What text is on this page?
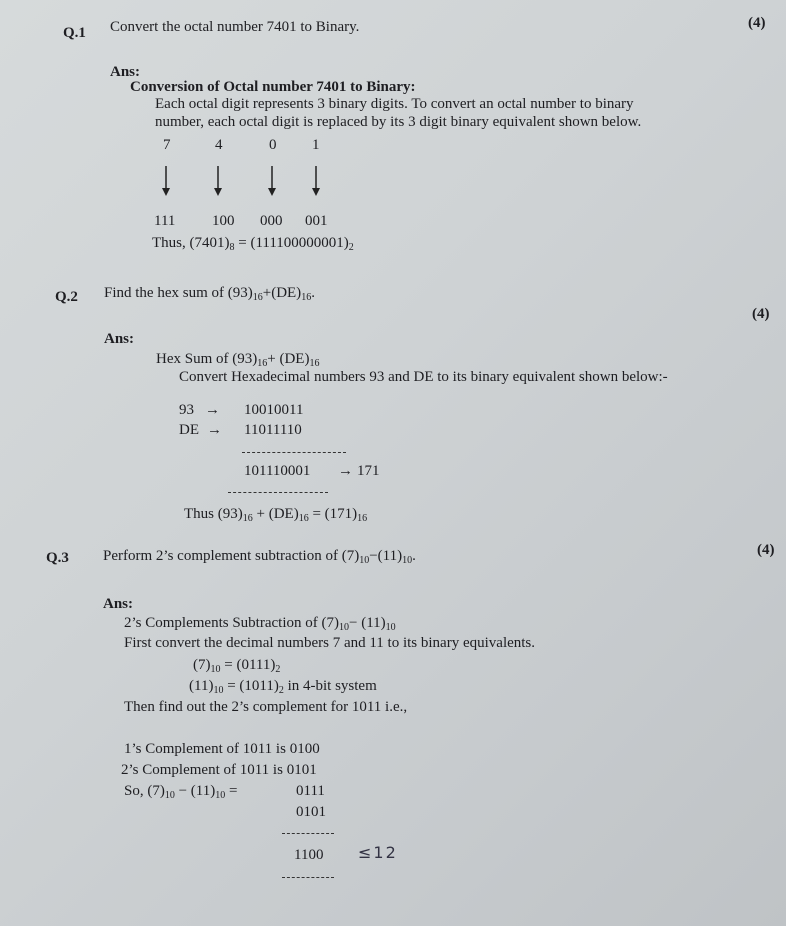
Q.1 Convert the octal number 7401 to Binary.	(4)
Ans:
Conversion of Octal number 7401 to Binary:
Each octal digit represents 3 binary digits. To convert an octal number to binary
number, each octal digit is replaced by its 3 digit binary equivalent shown below.
7	4	0 1
111 100 000 001
Thus, $(7401)_8 = (111100000001)_2$
Q.2 Find the hex sum of $(93)_{16}+(DE)_{16}$.
(4)
Ans:
Hex Sum of $(93)_{16}+ (DE)_{16}$
Convert Hexadecimal numbers 93 and DE to its binary equivalent shown below:-
93 → 10010011
DE → 11011110
101110001 → 171
Thus $(93)_{16} + (DE)_{16} = (171)_{16}$
Q.3 Perform 2’s complement subtraction of $(7)_{10}-(11)_{10}$.	(4)
Ans:
2’s Complements Subtraction of $(7)_{10}- (11)_{10}$
First convert the decimal numbers 7 and 11 to its binary equivalents.
$(7)_{10} = (0111)_2$
$(11)_{10} = (1011)_2$ in 4-bit system
Then find out the 2’s complement for 1011 i.e.,
1’s Complement of 1011 is 0100
2’s Complement of 1011 is 0101
So, $(7)_{10} - (11)_{10}$ =	0111
0101
1100 ≤12
